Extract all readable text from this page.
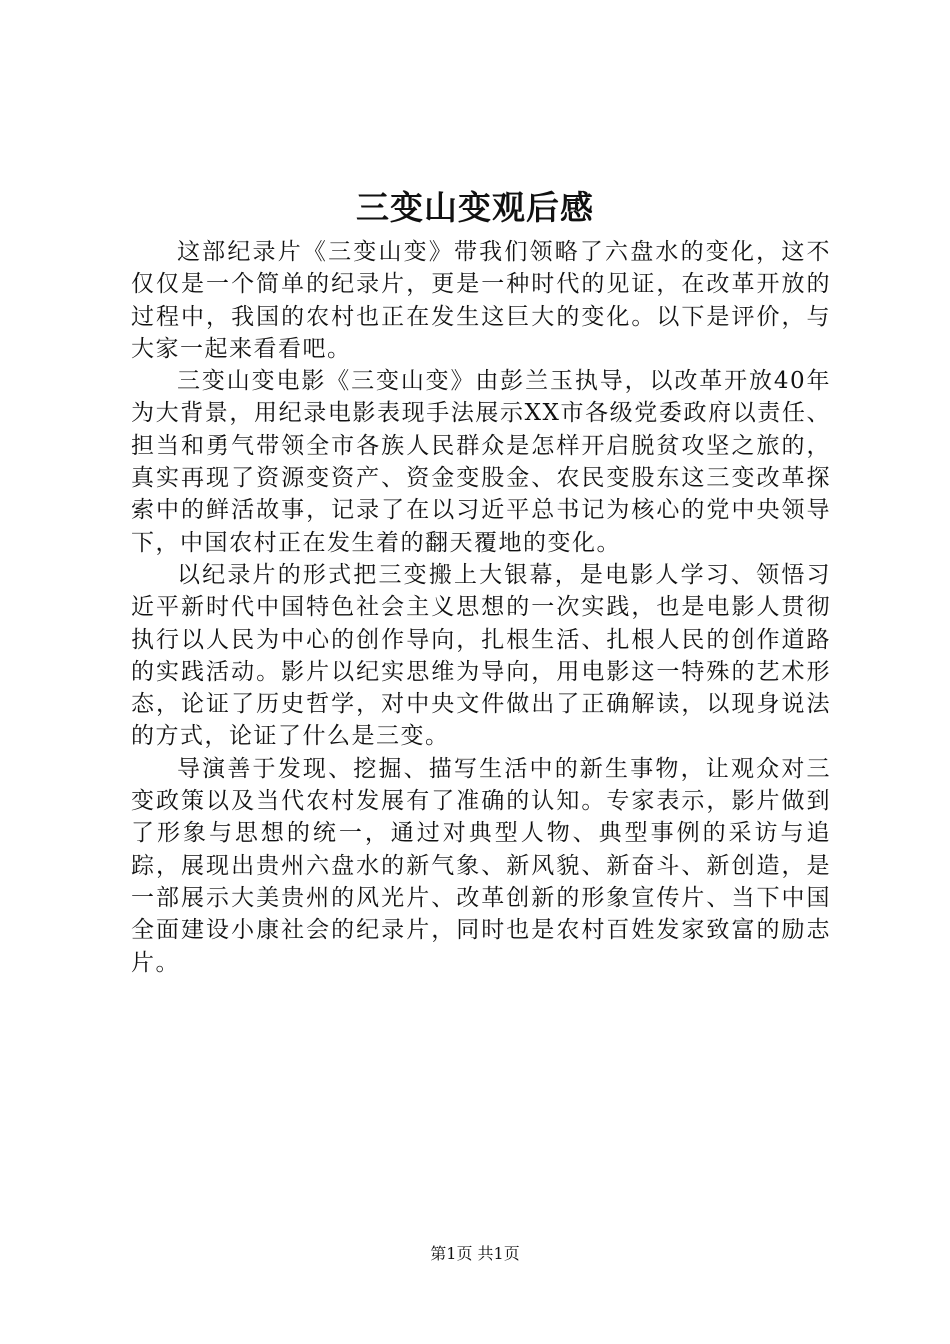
三变山变观后感

这部纪录片《三变山变》带我们领略了六盘水的变化，这不仅仅是一个简单的纪录片，更是一种时代的见证，在改革开放的过程中，我国的农村也正在发生这巨大的变化。以下是评价，与大家一起来看看吧。

三变山变电影《三变山变》由彭兰玉执导，以改革开放40年为大背景，用纪录电影表现手法展示XX市各级党委政府以责任、担当和勇气带领全市各族人民群众是怎样开启脱贫攻坚之旅的，真实再现了资源变资产、资金变股金、农民变股东这三变改革探索中的鲜活故事，记录了在以习近平总书记为核心的党中央领导下，中国农村正在发生着的翻天覆地的变化。

以纪录片的形式把三变搬上大银幕，是电影人学习、领悟习近平新时代中国特色社会主义思想的一次实践，也是电影人贯彻执行以人民为中心的创作导向，扎根生活、扎根人民的创作道路的实践活动。影片以纪实思维为导向，用电影这一特殊的艺术形态，论证了历史哲学，对中央文件做出了正确解读，以现身说法的方式，论证了什么是三变。

导演善于发现、挖掘、描写生活中的新生事物，让观众对三变政策以及当代农村发展有了准确的认知。专家表示，影片做到了形象与思想的统一，通过对典型人物、典型事例的采访与追踪，展现出贵州六盘水的新气象、新风貌、新奋斗、新创造，是一部展示大美贵州的风光片、改革创新的形象宣传片、当下中国全面建设小康社会的纪录片，同时也是农村百姓发家致富的励志片。

第1页 共1页
